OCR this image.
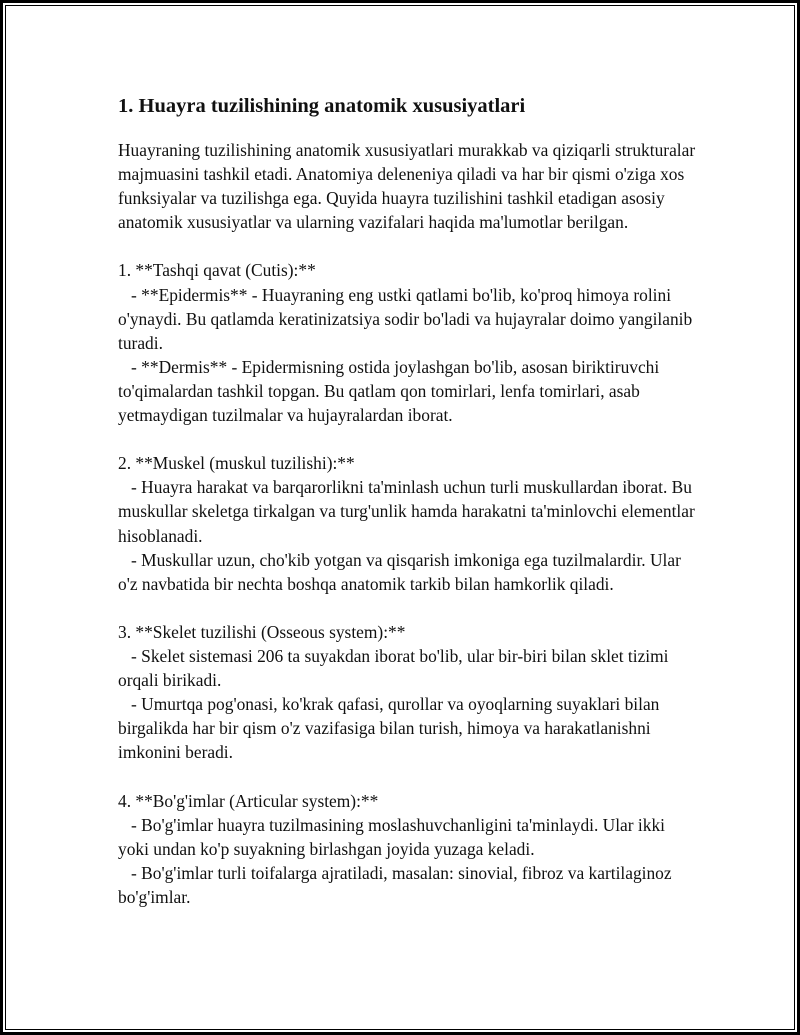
1. Huayra tuzilishining anatomik xususiyatlari

Huayraning tuzilishining anatomik xususiyatlari murakkab va qiziqarli strukturalar majmuasini tashkil etadi. Anatomiya deleneniya qiladi va har bir qismi o'ziga xos funksiyalar va tuzilishga ega. Quyida huayra tuzilishini tashkil etadigan asosiy anatomik xususiyatlar va ularning vazifalari haqida ma'lumotlar berilgan.

1. **Tashqi qavat (Cutis):**

- **Epidermis** - Huayraning eng ustki qatlami bo'lib, ko'proq himoya rolini o'ynaydi. Bu qatlamda keratinizatsiya sodir bo'ladi va hujayralar doimo yangilanib turadi.

- **Dermis** - Epidermisning ostida joylashgan bo'lib, asosan biriktiruvchi to'qimalardan tashkil topgan. Bu qatlam qon tomirlari, lenfa tomirlari, asab yetmaydigan tuzilmalar va hujayralardan iborat.

2. **Muskel (muskul tuzilishi):**

- Huayra harakat va barqarorlikni ta'minlash uchun turli muskullardan iborat. Bu muskullar skeletga tirkalgan va turg'unlik hamda harakatni ta'minlovchi elementlar hisoblanadi.

- Muskullar uzun, cho'kib yotgan va qisqarish imkoniga ega tuzilmalardir. Ular o'z navbatida bir nechta boshqa anatomik tarkib bilan hamkorlik qiladi.

3. **Skelet tuzilishi (Osseous system):**

- Skelet sistemasi 206 ta suyakdan iborat bo'lib, ular bir-biri bilan sklet tizimi orqali birikadi.

- Umurtqa pog'onasi, ko'krak qafasi, qurollar va oyoqlarning suyaklari bilan birgalikda har bir qism o'z vazifasiga bilan turish, himoya va harakatlanishni imkonini beradi.

4. **Bo'g'imlar (Articular system):**

- Bo'g'imlar huayra tuzilmasining moslashuvchanligini ta'minlaydi. Ular ikki yoki undan ko'p suyakning birlashgan joyida yuzaga keladi.

- Bo'g'imlar turli toifalarga ajratiladi, masalan: sinovial, fibroz va kartilaginoz bo'g'imlar.
